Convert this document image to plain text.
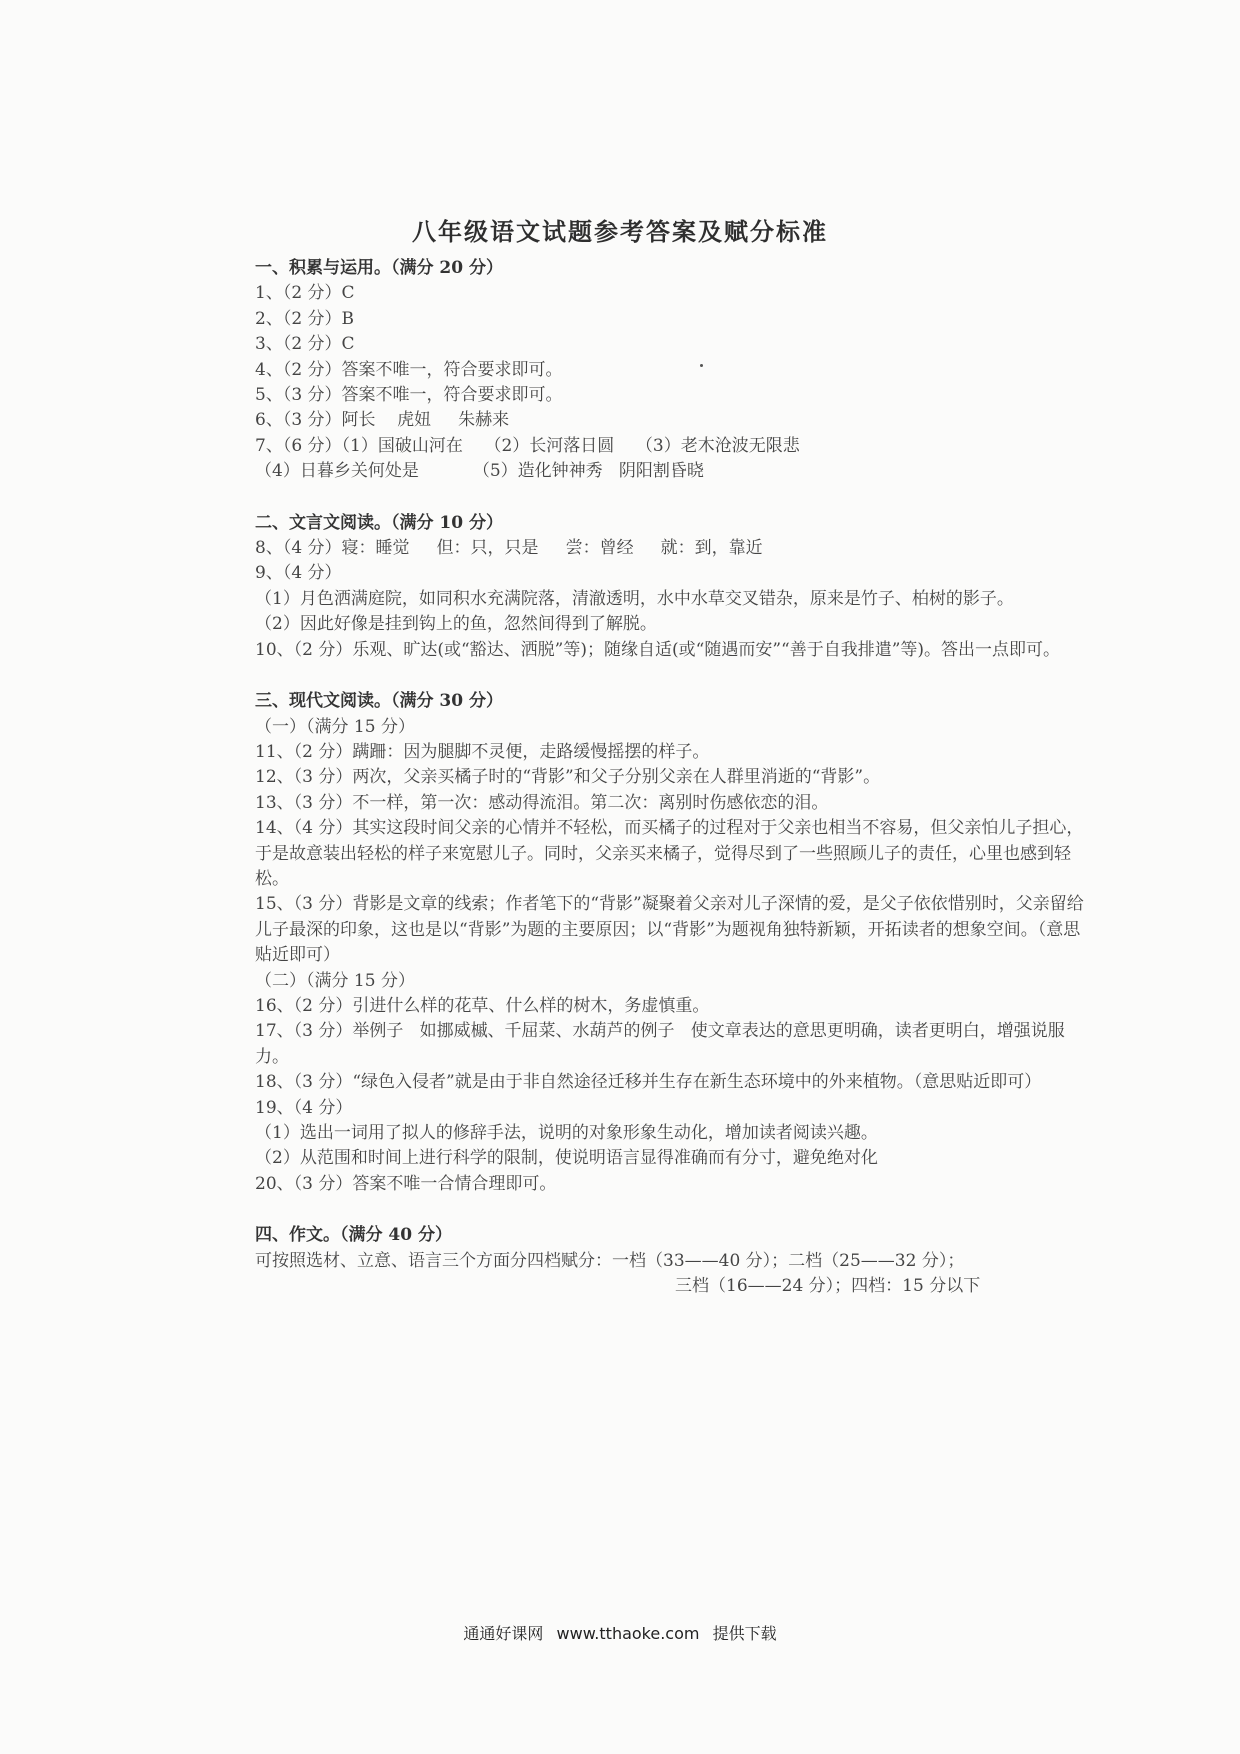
八年级语文试题参考答案及赋分标准

一、积累与运用。（满分 20 分）

1、（2 分）C

2、（2 分）B

3、（2 分）C

4、（2 分）答案不唯一，符合要求即可。

5、（3 分）答案不唯一，符合要求即可。

6、（3 分）阿长    虎妞     朱赫来

7、（6 分）（1）国破山河在    （2）长河落日圆    （3）老木沧波无限悲

（4）日暮乡关何处是          （5）造化钟神秀   阴阳割昏晓

二、文言文阅读。（满分 10 分）

8、（4 分）寝：睡觉     但：只，只是     尝：曾经     就：到，靠近

9、（4 分）

（1）月色洒满庭院，如同积水充满院落，清澈透明，水中水草交叉错杂，原来是竹子、柏树的影子。

（2）因此好像是挂到钩上的鱼，忽然间得到了解脱。

10、（2 分）乐观、旷达(或“豁达、洒脱”等)；随缘自适(或“随遇而安”“善于自我排遣”等)。答出一点即可。

三、现代文阅读。（满分 30 分）

（一）（满分 15 分）

11、（2 分）蹒跚：因为腿脚不灵便，走路缓慢摇摆的样子。

12、（3 分）两次，父亲买橘子时的“背影”和父子分别父亲在人群里消逝的“背影”。

13、（3 分）不一样，第一次：感动得流泪。第二次：离别时伤感依恋的泪。

14、（4 分）其实这段时间父亲的心情并不轻松，而买橘子的过程对于父亲也相当不容易，但父亲怕儿子担心，于是故意装出轻松的样子来宽慰儿子。同时，父亲买来橘子，觉得尽到了一些照顾儿子的责任，心里也感到轻松。

15、（3 分）背影是文章的线索；作者笔下的“背影”凝聚着父亲对儿子深情的爱，是父子依依惜别时，父亲留给儿子最深的印象，这也是以“背影”为题的主要原因；以“背影”为题视角独特新颖，开拓读者的想象空间。（意思贴近即可）

（二）（满分 15 分）

16、（2 分）引进什么样的花草、什么样的树木，务虚慎重。

17、（3 分）举例子   如挪威槭、千屈菜、水葫芦的例子   使文章表达的意思更明确，读者更明白，增强说服力。

18、（3 分）“绿色入侵者”就是由于非自然途径迁移并生存在新生态环境中的外来植物。（意思贴近即可）

19、（4 分）

（1）选出一词用了拟人的修辞手法，说明的对象形象生动化，增加读者阅读兴趣。

（2）从范围和时间上进行科学的限制，使说明语言显得准确而有分寸，避免绝对化

20、（3 分）答案不唯一合情合理即可。

四、作文。（满分 40 分）

可按照选材、立意、语言三个方面分四档赋分：一档（33——40 分）；二档（25——32 分）；

三档（16——24 分）；四档：15 分以下

通通好课网 www.tthaoke.com 提供下载
